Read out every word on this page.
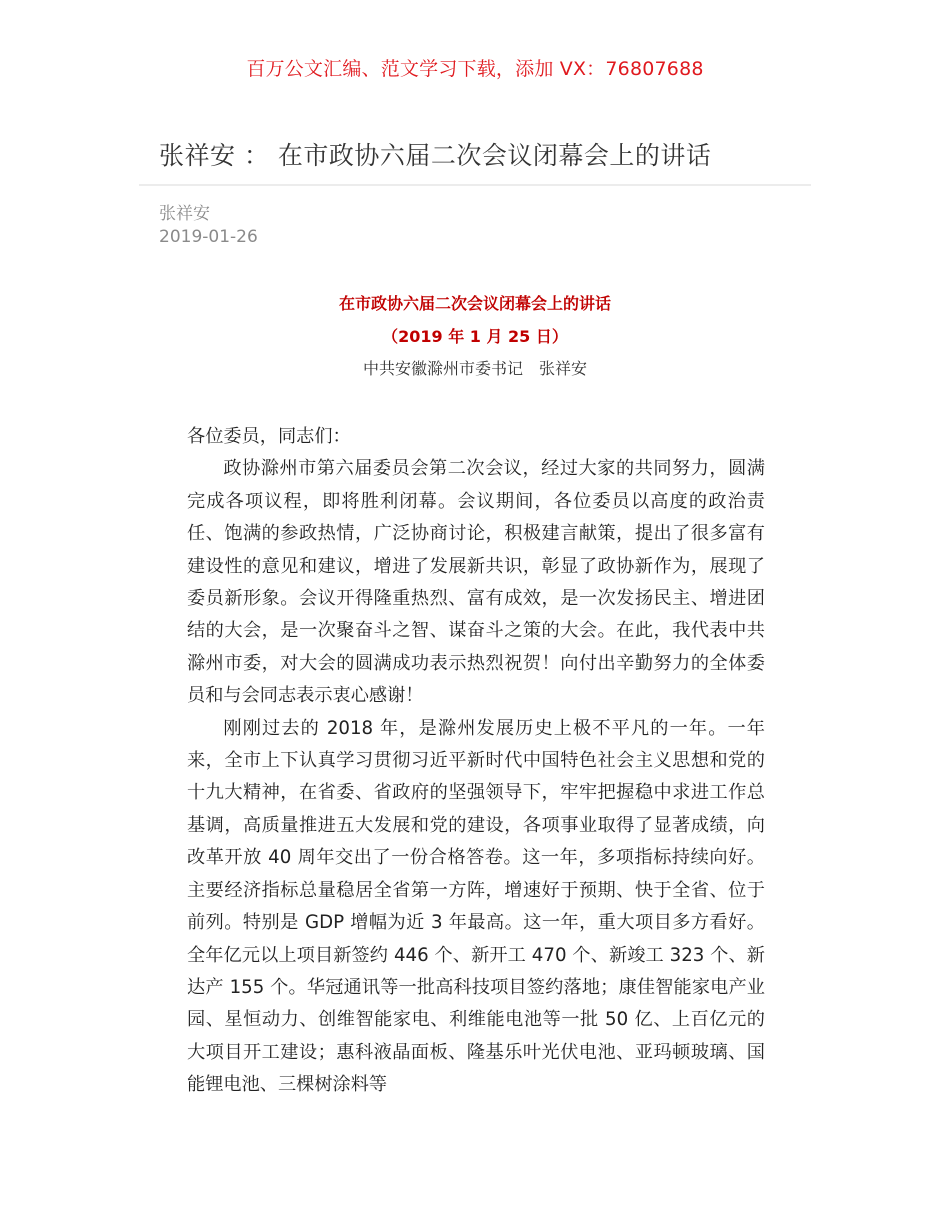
百万公文汇编、范文学习下载，添加 VX：76807688
张祥安 ： 在市政协六届二次会议闭幕会上的讲话
张祥安
2019-01-26
在市政协六届二次会议闭幕会上的讲话
（2019 年 1 月 25 日）
中共安徽滁州市委书记 张祥安

各位委员，同志们：

政协滁州市第六届委员会第二次会议，经过大家的共同努力，圆满完成各项议程，即将胜利闭幕。会议期间，各位委员以高度的政治责任、饱满的参政热情，广泛协商讨论，积极建言献策，提出了很多富有建设性的意见和建议，增进了发展新共识，彰显了政协新作为，展现了委员新形象。会议开得隆重热烈、富有成效，是一次发扬民主、增进团结的大会，是一次聚奋斗之智、谋奋斗之策的大会。在此，我代表中共滁州市委，对大会的圆满成功表示热烈祝贺！向付出辛勤努力的全体委员和与会同志表示衷心感谢！

刚刚过去的 2018 年，是滁州发展历史上极不平凡的一年。一年来，全市上下认真学习贯彻习近平新时代中国特色社会主义思想和党的十九大精神，在省委、省政府的坚强领导下，牢牢把握稳中求进工作总基调，高质量推进五大发展和党的建设，各项事业取得了显著成绩，向改革开放 40 周年交出了一份合格答卷。这一年，多项指标持续向好。主要经济指标总量稳居全省第一方阵，增速好于预期、快于全省、位于前列。特别是 GDP 增幅为近 3 年最高。这一年，重大项目多方看好。全年亿元以上项目新签约 446 个、新开工 470 个、新竣工 323 个、新达产 155 个。华冠通讯等一批高科技项目签约落地；康佳智能家电产业园、星恒动力、创维智能家电、利维能电池等一批 50 亿、上百亿元的大项目开工建设；惠科液晶面板、隆基乐叶光伏电池、亚玛顿玻璃、国能锂电池、三棵树涂料等
